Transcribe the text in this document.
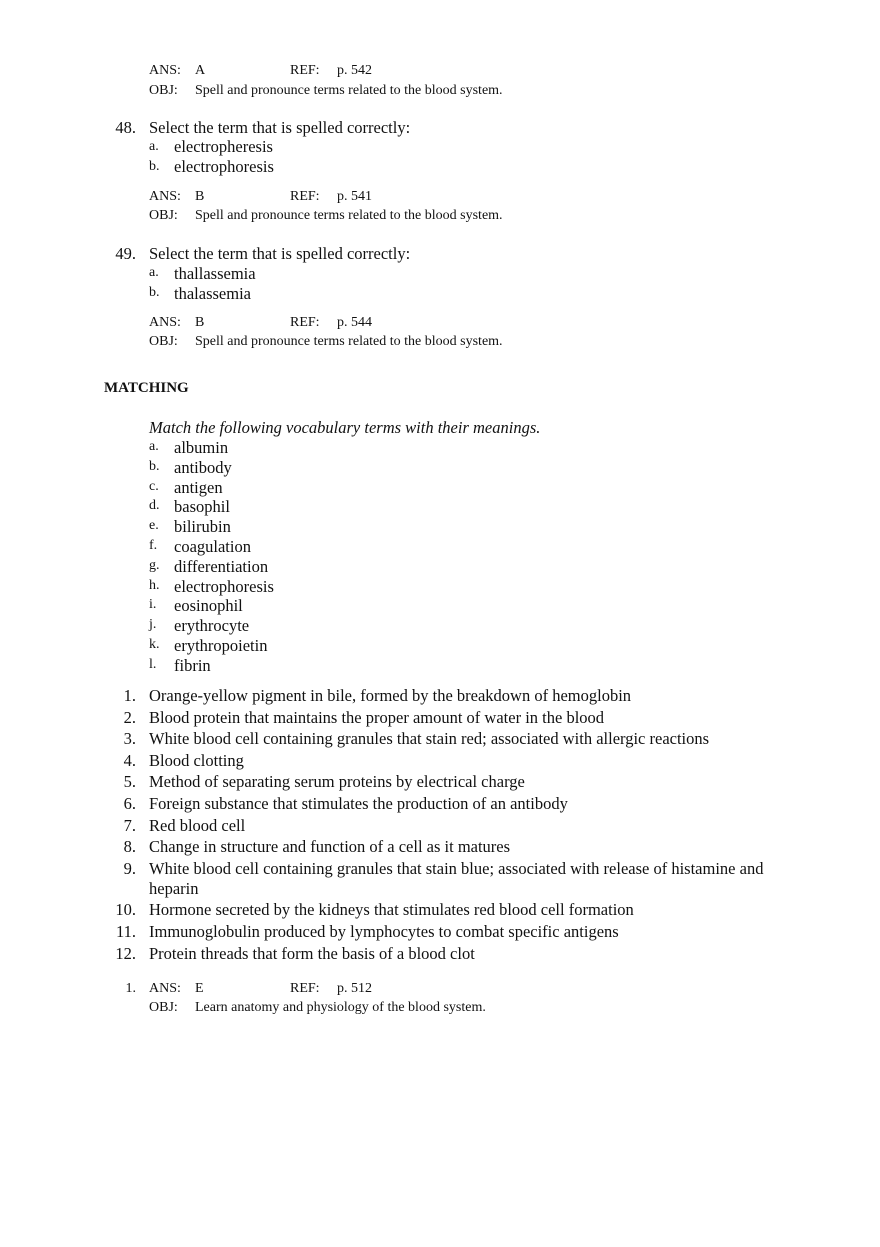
ANS: A	REF: p. 542
OBJ: Spell and pronounce terms related to the blood system.
48. Select the term that is spelled correctly:
a. electropheresis
b. electrophoresis
ANS: B	REF: p. 541
OBJ: Spell and pronounce terms related to the blood system.
49. Select the term that is spelled correctly:
a. thallassemia
b. thalassemia
ANS: B	REF: p. 544
OBJ: Spell and pronounce terms related to the blood system.
MATCHING
Match the following vocabulary terms with their meanings.
a. albumin
b. antibody
c. antigen
d. basophil
e. bilirubin
f. coagulation
g. differentiation
h. electrophoresis
i. eosinophil
j. erythrocyte
k. erythropoietin
l. fibrin
1. Orange-yellow pigment in bile, formed by the breakdown of hemoglobin
2. Blood protein that maintains the proper amount of water in the blood
3. White blood cell containing granules that stain red; associated with allergic reactions
4. Blood clotting
5. Method of separating serum proteins by electrical charge
6. Foreign substance that stimulates the production of an antibody
7. Red blood cell
8. Change in structure and function of a cell as it matures
9. White blood cell containing granules that stain blue; associated with release of histamine and
heparin
10. Hormone secreted by the kidneys that stimulates red blood cell formation
11. Immunoglobulin produced by lymphocytes to combat specific antigens
12. Protein threads that form the basis of a blood clot
1. ANS: E	REF: p. 512
OBJ: Learn anatomy and physiology of the blood system.
